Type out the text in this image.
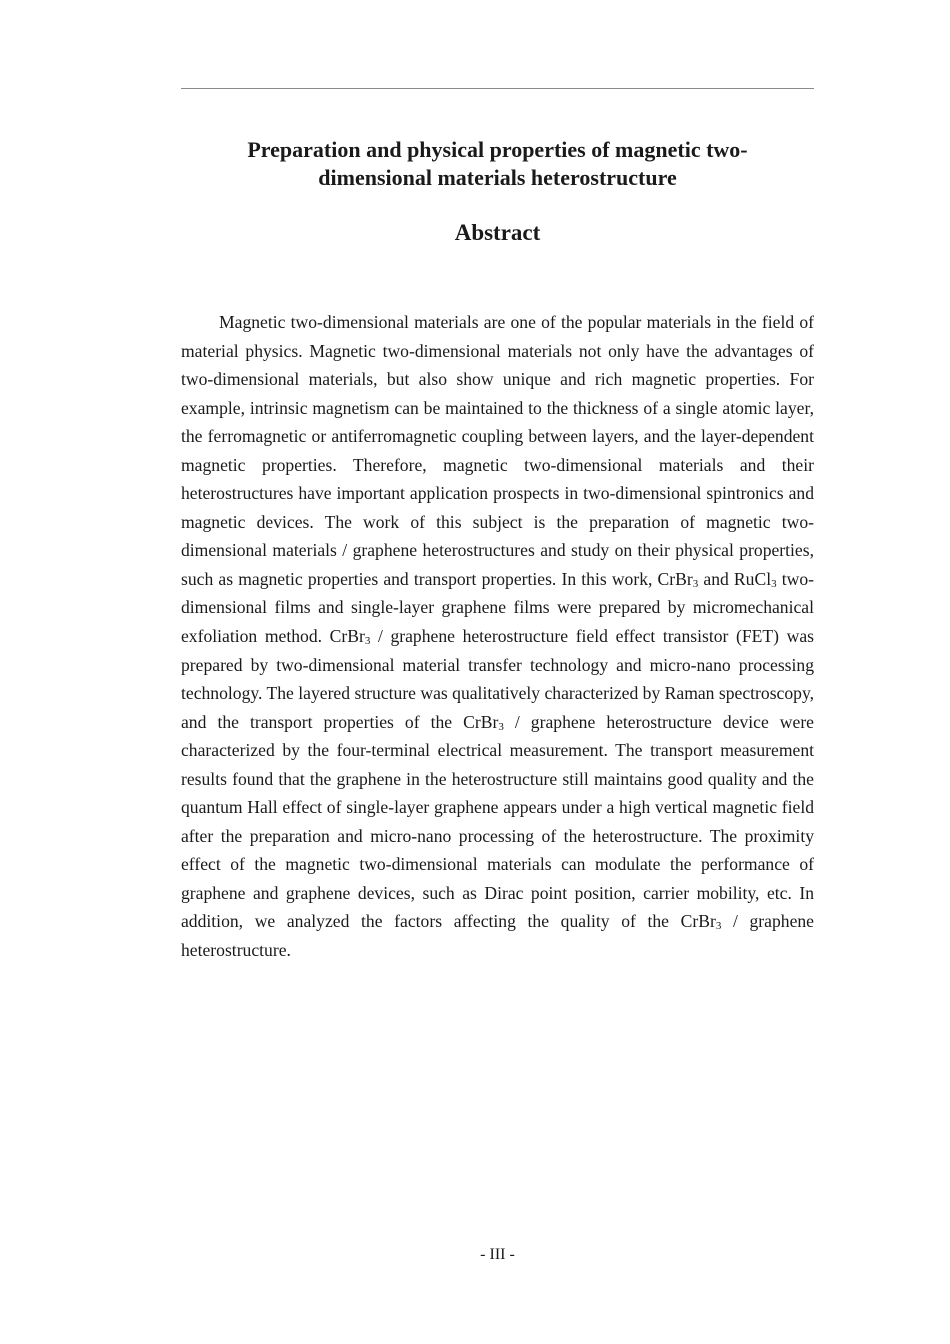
Preparation and physical properties of magnetic two-
dimensional materials heterostructure
Abstract

Magnetic two-dimensional materials are one of the popular materials in the field of material physics. Magnetic two-dimensional materials not only have the advantages of two-dimensional materials, but also show unique and rich magnetic properties. For example, intrinsic magnetism can be maintained to the thickness of a single atomic layer, the ferromagnetic or antiferromagnetic coupling between layers, and the layer-dependent magnetic properties. Therefore, magnetic two-dimensional materials and their heterostructures have important application prospects in two-dimensional spintronics and magnetic devices. The work of this subject is the preparation of magnetic two-dimensional materials / graphene heterostructures and study on their physical properties, such as magnetic properties and transport properties. In this work, CrBr$_3$ and RuCl$_3$ two-dimensional films and single-layer graphene films were prepared by micromechanical exfoliation method. CrBr$_3$ / graphene heterostructure field effect transistor (FET) was prepared by two-dimensional material transfer technology and micro-nano processing technology. The layered structure was qualitatively characterized by Raman spectroscopy, and the transport properties of the CrBr$_3$ / graphene heterostructure device were characterized by the four-terminal electrical measurement. The transport measurement results found that the graphene in the heterostructure still maintains good quality and the quantum Hall effect of single-layer graphene appears under a high vertical magnetic field after the preparation and micro-nano processing of the heterostructure. The proximity effect of the magnetic two-dimensional materials can modulate the performance of graphene and graphene devices, such as Dirac point position, carrier mobility, etc. In addition, we analyzed the factors affecting the quality of the CrBr$_3$ / graphene heterostructure.

- III -
